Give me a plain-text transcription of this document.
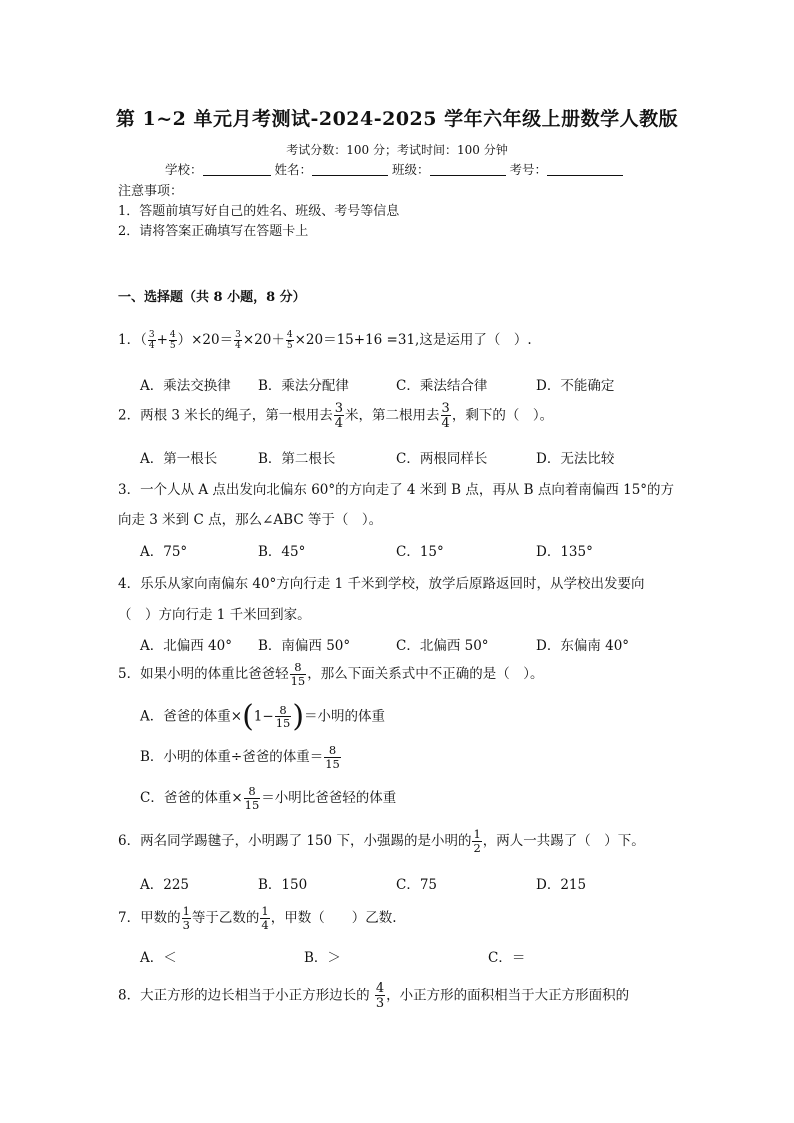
第 1~2 单元月考测试-2024-2025 学年六年级上册数学人教版
考试分数：100 分；考试时间：100 分钟
学校：	姓名：	班级：	考号：
注意事项：
1．答题前填写好自己的姓名、班级、考号等信息
2．请将答案正确填写在答题卡上
一、选择题（共 8 小题，8 分）
1．（ $\frac{3}{4} + \frac{4}{5} )\times 20= \frac{3}{4} \times 20+ \frac{4}{5} \times 20=15+16 =31$,这是运用了（　）.
A．乘法交换律 B．乘法分配律	C．乘法结合律	D．不能确定
2．两根 3 米长的绳子，第一根用去 $\frac{3}{4}$ 米，第二根用去 $\frac{3}{4}$ ，剩下的（　）。
A．第一根长	B．第二根长	C．两根同样长	D．无法比较
3．一个人从 A 点出发向北偏东 60°的方向走了 4 米到 B 点，再从 B 点向着南偏西 15°的方
向走 3 米到 C 点，那么∠ABC 等于（　）。
A．75°	B．45°	C．15°	D．135°
4．乐乐从家向南偏东 40°方向行走 1 千米到学校，放学后原路返回时，从学校出发要向
（　）方向行走 1 千米回到家。
A．北偏西 40° B．南偏西 50°	C．北偏西 50°	D．东偏南 40°
5．如果小明的体重比爸爸轻 $\frac{8}{15}$ ，那么下面关系式中不正确的是（　）。
A．爸爸的体重$\times(1- \frac{8}{15}$ )＝小明的体重
B．小明的体重÷爸爸的体重＝ $\frac{8}{15}$
C．爸爸的体重× $\frac{8}{15}$ ＝小明比爸爸轻的体重
6．两名同学踢毽子，小明踢了 150 下，小强踢的是小明的 $\frac{1}{2}$ ，两人一共踢了（　）下。
A．225	B．150	C．75	D．215
7．甲数的 $\frac{1}{3}$ 等于乙数的 $\frac{1}{4}$ ，甲数（　　）乙数.
A．＜	B．＞	C．＝
8．大正方形的边长相当于小正方形边长的 $\frac{4}{3}$ ，小正方形的面积相当于大正方形面积的
